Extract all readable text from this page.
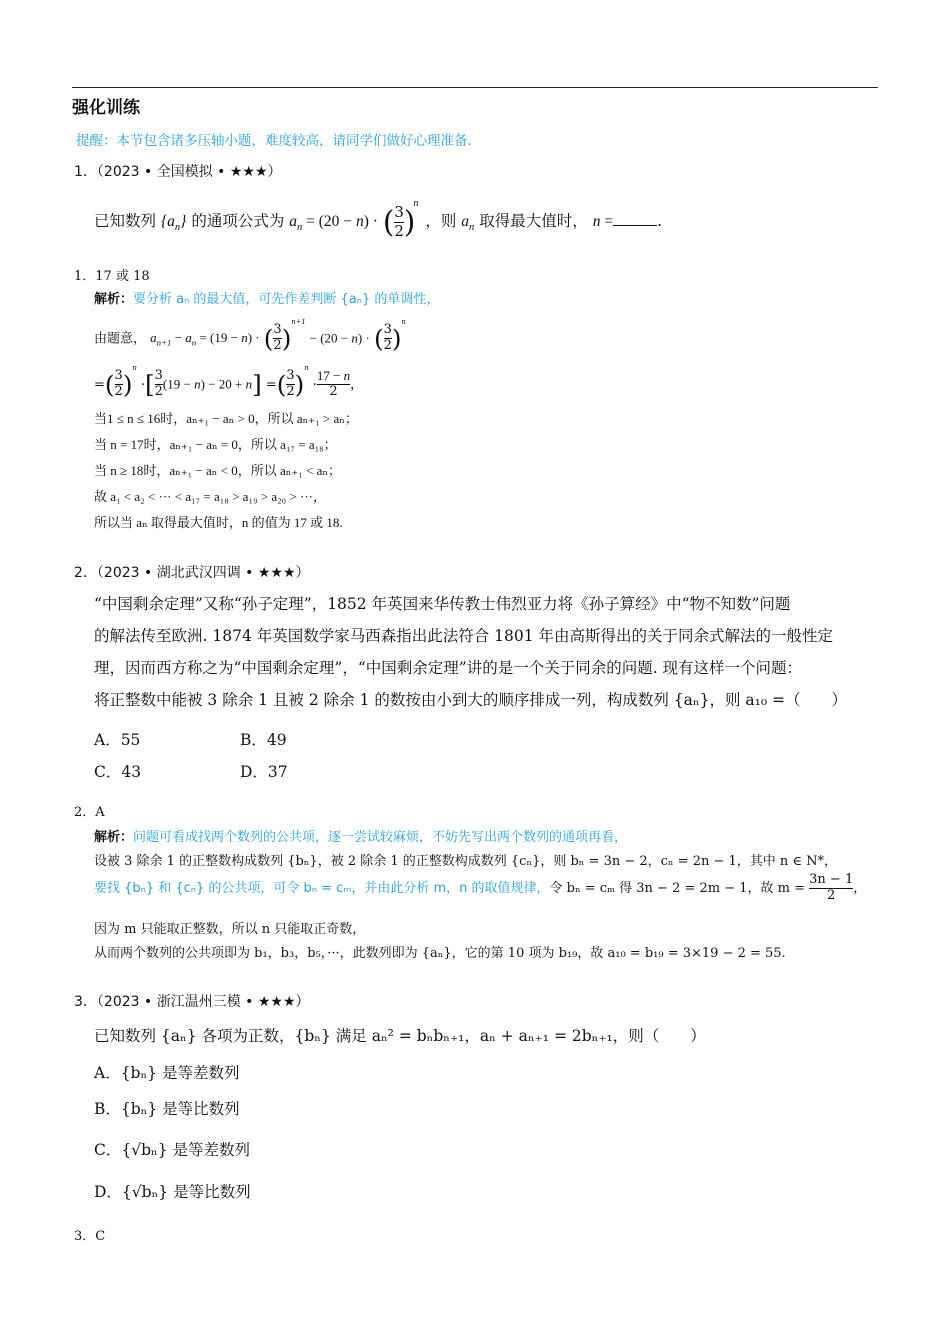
强化训练
提醒：本节包含诸多压轴小题，难度较高，请同学们做好心理准备.
1．（2023 • 全国模拟 • ★★★）
已知数列 $\{a_n\}$ 的通项公式为 $a_n = (20 - n)$ · ( $\frac{3}{2} )^n$ ，则 $a_n$ 取得最大值时， n =	.
1．17 或 18
解析：要分析 aₙ 的最大值，可先作差判断 {aₙ} 的单调性，
由题意， $a_{n+1} - a_n = (19 - n)$ · ( $\frac{3}{2} )^{n+1} - (20 - n)$ · ( $\frac{3}{2} )^n$
=( $\frac{3}{2} )^n$ ·[ $\frac{3}{2} (19 - n) - 20 + n$] =( $\frac{3}{2} )^n \cdot \frac{17 - n}{2}$ ，
当1 ≤ n ≤ 16时，aₙ₊₁ − aₙ > 0，所以 aₙ₊₁ > aₙ；
当 n = 17时，aₙ₊₁ − aₙ = 0，所以 a₁₇ = a₁₈；
当 n ≥ 18时，aₙ₊₁ − aₙ < 0，所以 aₙ₊₁ < aₙ；
故 a₁ < a₂ < ··· < a₁₇ = a₁₈ > a₁₉ > a₂₀ > ···，
所以当 aₙ 取得最大值时，n 的值为 17 或 18.
2．（2023 • 湖北武汉四调 • ★★★）
“中国剩余定理”又称“孙子定理”，1852 年英国来华传教士伟烈亚力将《孙子算经》中“物不知数”问题
的解法传至欧洲. 1874 年英国数学家马西森指出此法符合 1801 年由高斯得出的关于同余式解法的一般性定
理，因而西方称之为“中国剩余定理”，“中国剩余定理”讲的是一个关于同余的问题. 现有这样一个问题：
将正整数中能被 3 除余 1 且被 2 除余 1 的数按由小到大的顺序排成一列，构成数列 {aₙ}，则 a₁₀ =（　　）
A．55	B．49
C．43	D．37
2．A
解析：问题可看成找两个数列的公共项，逐一尝试较麻烦，不妨先写出两个数列的通项再看，
设被 3 除余 1 的正整数构成数列 {bₙ}，被 2 除余 1 的正整数构成数列 {cₙ}，则 bₙ = 3n − 2，cₙ = 2n − 1，其中 n ∈ N*，
要找 {bₙ} 和 {cₙ} 的公共项，可令 bₙ = cₘ，并由此分析 m，n 的取值规律，令 bₙ = cₘ 得 3n − 2 = 2m − 1，故 $m = \frac{3n - 1}{2}$ ，
因为 m 只能取正整数，所以 n 只能取正奇数，
从而两个数列的公共项即为 b₁，b₃，b₅，···，此数列即为 {aₙ}，它的第 10 项为 b₁₉，故 a₁₀ = b₁₉ = 3×19 − 2 = 55.
3．（2023 • 浙江温州三模 • ★★★）
已知数列 {aₙ} 各项为正数，{bₙ} 满足 aₙ² = bₙbₙ₊₁，aₙ + aₙ₊₁ = 2bₙ₊₁，则（　　）
A．{bₙ} 是等差数列
B．{bₙ} 是等比数列
C．{√bₙ} 是等差数列
D．{√bₙ} 是等比数列
3．C
